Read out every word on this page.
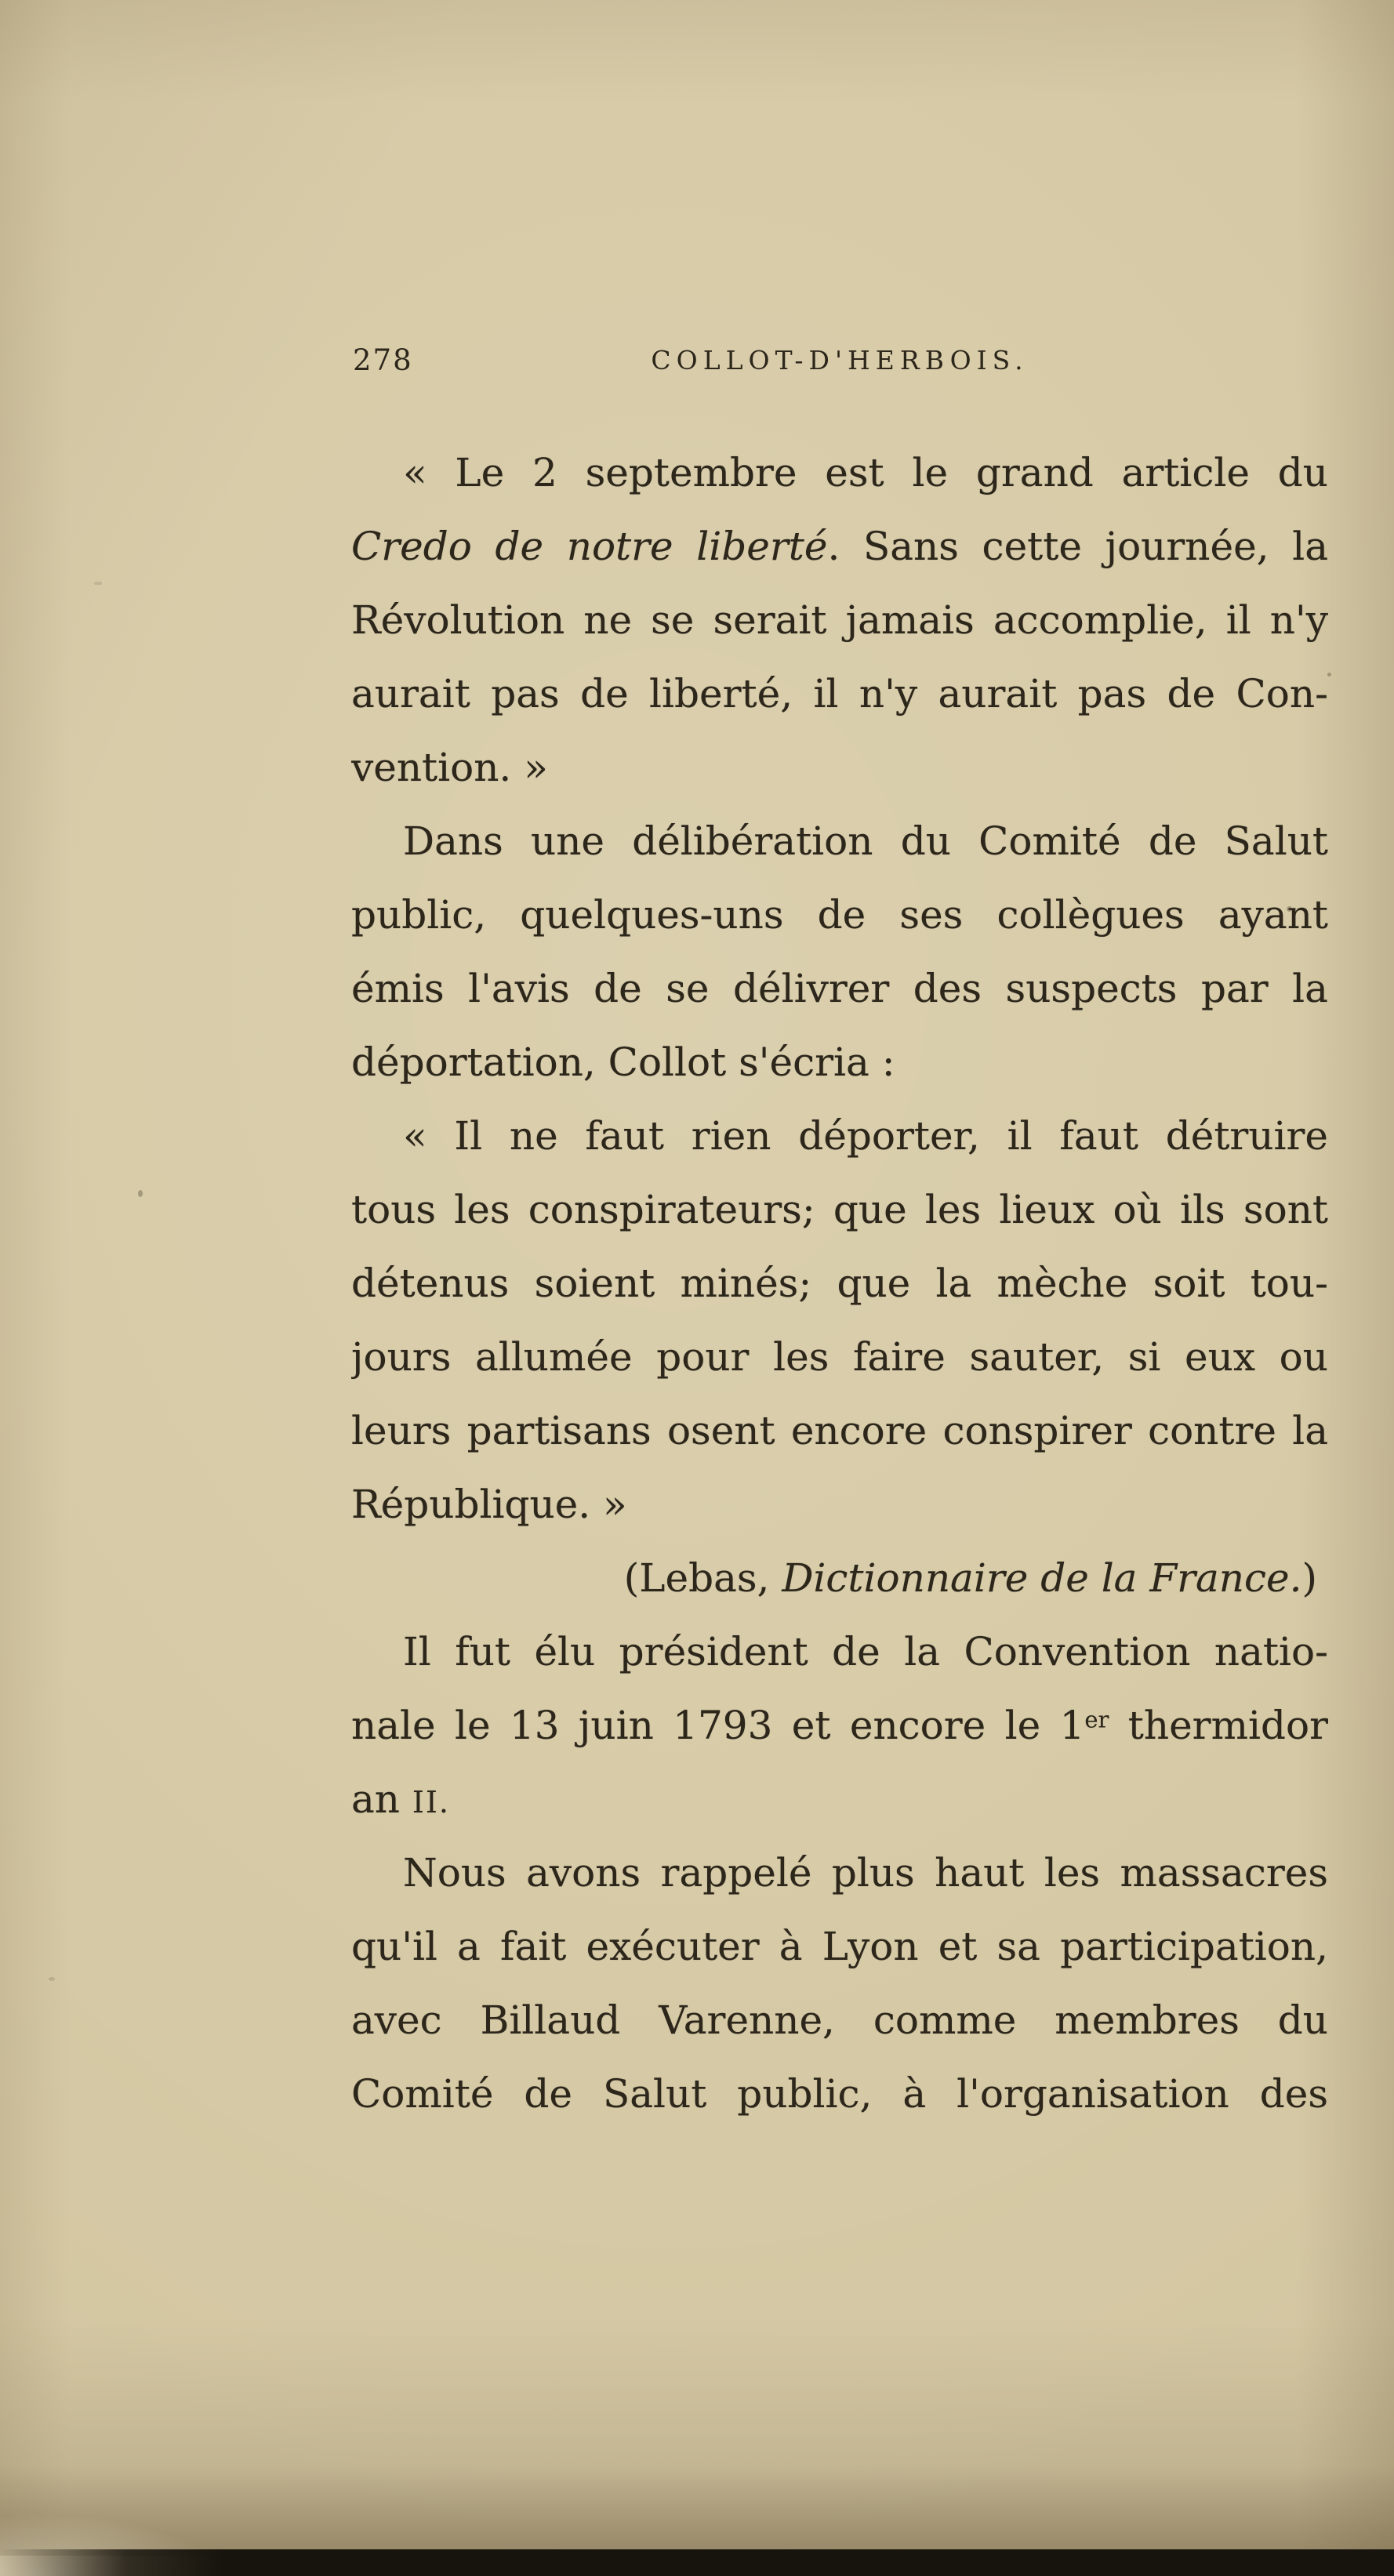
278	COLLOT-D'HERBOIS.
« Le 2 septembre est le grand article du
Credo de notre liberté. Sans cette journée, la
Révolution ne se serait jamais accomplie, il n'y
aurait pas de liberté, il n'y aurait pas de Con-
vention. »
Dans une délibération du Comité de Salut
public, quelques-uns de ses collègues ayant
émis l'avis de se délivrer des suspects par la
déportation, Collot s'écria :
« Il ne faut rien déporter, il faut détruire
tous les conspirateurs; que les lieux où ils sont
détenus soient minés; que la mèche soit tou-
jours allumée pour les faire sauter, si eux ou
leurs partisans osent encore conspirer contre la
République. »
(Lebas, Dictionnaire de la France.)
Il fut élu président de la Convention natio-
nale le 13 juin 1793 et encore le 1er thermidor
an II.
Nous avons rappelé plus haut les massacres
qu'il a fait exécuter à Lyon et sa participation,
avec Billaud Varenne, comme membres du
Comité de Salut public, à l'organisation des
